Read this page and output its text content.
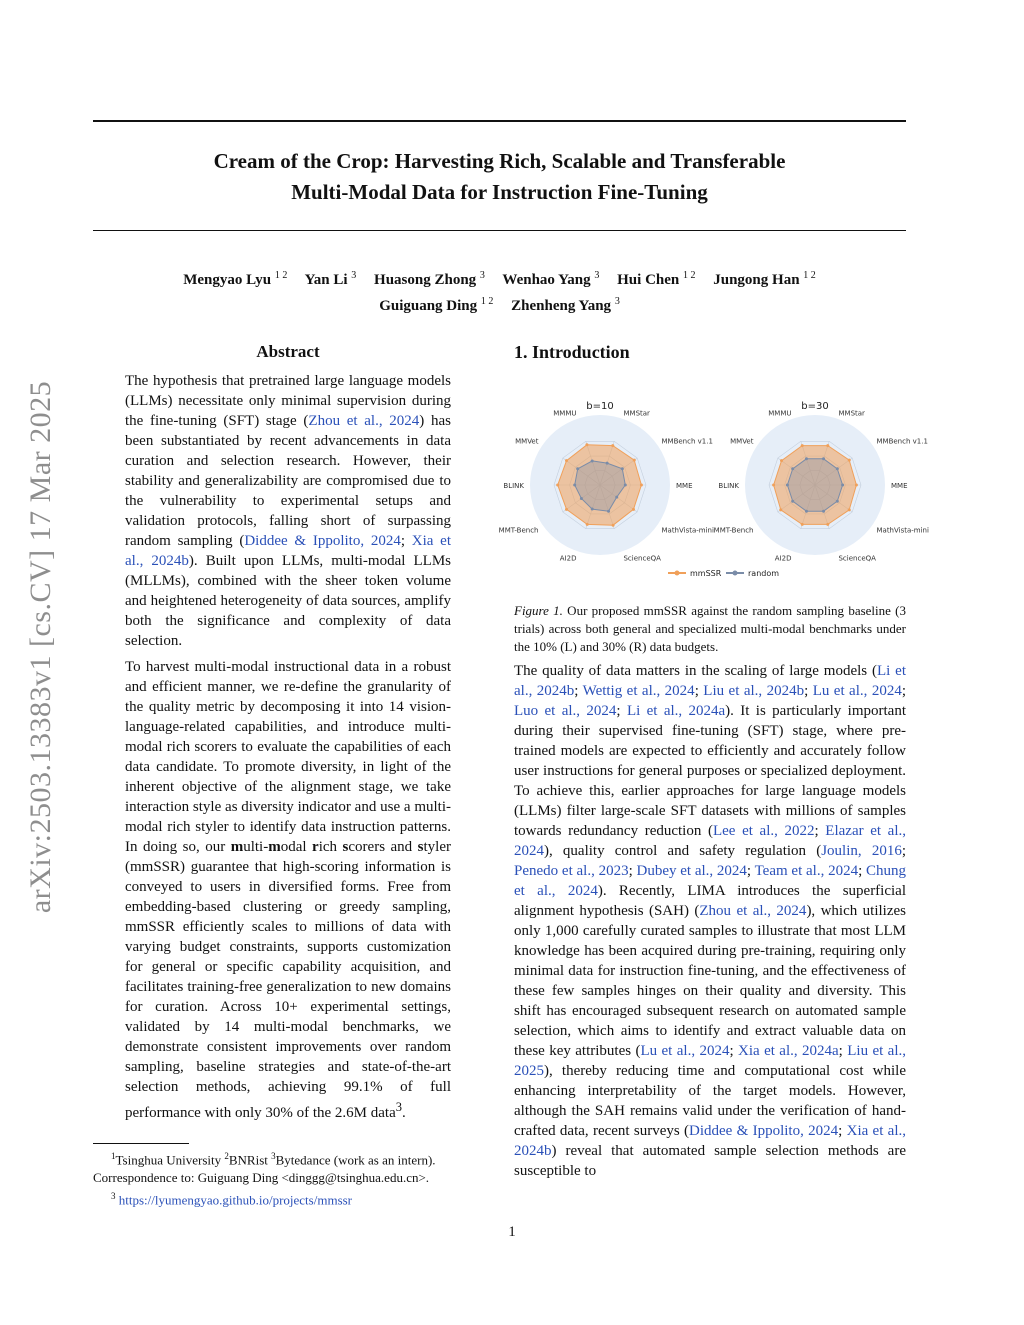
Cream of the Crop: Harvesting Rich, Scalable and Transferable
Multi-Modal Data for Instruction Fine-Tuning
Mengyao Lyu $^{1 2}$ Yan Li $^3$ Huasong Zhong $^3$ Wenhao Yang $^3$ Hui Chen $^{1 2}$ Jungong Han $^{1 2}$
Guiguang Ding $^{1 2}$ Zhenheng Yang $^3$
arXiv:2503.13383v1 [cs.CV] 17 Mar 2025
Abstract

The hypothesis that pretrained large language models (LLMs) necessitate only minimal supervision during the fine-tuning (SFT) stage (Zhou et al., 2024) has been substantiated by recent advancements in data curation and selection research. However, their stability and generalizability are compromised due to the vulnerability to experimental setups and validation protocols, falling short of surpassing random sampling (Diddee & Ippolito, 2024; Xia et al., 2024b). Built upon LLMs, multi-modal LLMs (MLLMs), combined with the sheer token volume and heightened heterogeneity of data sources, amplify both the significance and complexity of data selection.

To harvest multi-modal instructional data in a robust and efficient manner, we re-define the granularity of the quality metric by decomposing it into 14 vision-language-related capabilities, and introduce multi-modal rich scorers to evaluate the capabilities of each data candidate. To promote diversity, in light of the inherent objective of the alignment stage, we take interaction style as diversity indicator and use a multi-modal rich styler to identify data instruction patterns. In doing so, our multi-modal rich scorers and styler (mmSSR) guarantee that high-scoring information is conveyed to users in diversified forms. Free from embedding-based clustering or greedy sampling, mmSSR efficiently scales to millions of data with varying budget constraints, supports customization for general or specific capability acquisition, and facilitates training-free generalization to new domains for curation. Across 10+ experimental settings, validated by 14 multi-modal benchmarks, we demonstrate consistent improvements over random sampling, baseline strategies and state-of-the-art selection methods, achieving 99.1% of full performance with only 30% of the 2.6M data$^3$.

$^1$Tsinghua University $^2$BNRist $^3$Bytedance (work as an intern).
Correspondence to: Guiguang Ding <dinggg@tsinghua.edu.cn>.
$^3$ https://lyumengyao.github.io/projects/mmssr
1. Introduction
MMMU	MMStar
MMBench v1.1
MME
MathVista-mini
ScienceQA
AI2D
MMT-Bench
BLINK
MMVet
b=10
MMMU	MMStar
MMBench v1.1
MME
MathVista-mini
ScienceQA
AI2D
MMT-Bench
BLINK
MMVet
b=30
mmSSR	random
Figure 1. Our proposed mmSSR against the random sampling baseline (3 trials) across both general and specialized multi-modal benchmarks under the 10% (L) and 30% (R) data budgets.

The quality of data matters in the scaling of large models (Li et al., 2024b; Wettig et al., 2024; Liu et al., 2024b; Lu et al., 2024; Luo et al., 2024; Li et al., 2024a). It is particularly important during their supervised fine-tuning (SFT) stage, where pre-trained models are expected to efficiently and accurately follow user instructions for general purposes or specialized deployment. To achieve this, earlier approaches for large language models (LLMs) filter large-scale SFT datasets with millions of samples towards redundancy reduction (Lee et al., 2022; Elazar et al., 2024), quality control and safety regulation (Joulin, 2016; Penedo et al., 2023; Dubey et al., 2024; Team et al., 2024; Chung et al., 2024). Recently, LIMA introduces the superficial alignment hypothesis (SAH) (Zhou et al., 2024), which utilizes only 1,000 carefully curated samples to illustrate that most LLM knowledge has been acquired during pre-training, requiring only minimal data for instruction fine-tuning, and the effectiveness of these few samples hinges on their quality and diversity. This shift has encouraged subsequent research on automated sample selection, which aims to identify and extract valuable data on these key attributes (Lu et al., 2024; Xia et al., 2024a; Liu et al., 2025), thereby reducing time and computational cost while enhancing interpretability of the target models. However, although the SAH remains valid under the verification of hand-crafted data, recent surveys (Diddee & Ippolito, 2024; Xia et al., 2024b) reveal that automated sample selection methods are susceptible to

1
